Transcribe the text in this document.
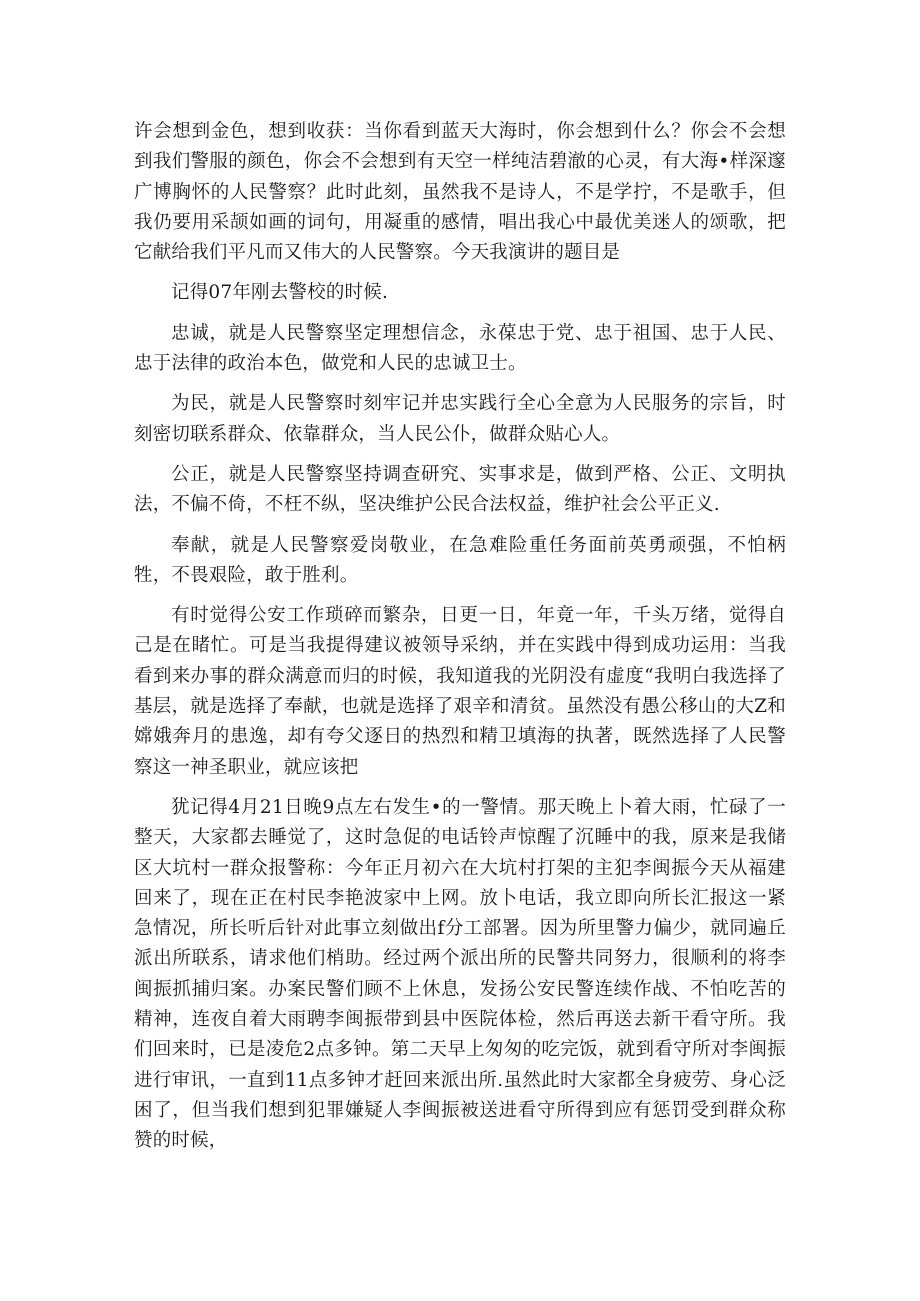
许会想到金色，想到收获：当你看到蓝天大海时，你会想到什么？你会不会想到我们警服的颜色，你会不会想到有天空一样纯洁碧澈的心灵，有大海•样深邃广博胸怀的人民警察？此时此刻，虽然我不是诗人，不是学拧，不是歌手，但我仍要用采颉如画的词句，用凝重的感情，唱出我心中最优美迷人的颂歌，把它献给我们平凡而又伟大的人民警察。今天我演讲的题目是

记得07年刚去警校的时候.

忠诚，就是人民警察坚定理想信念，永葆忠于党、忠于祖国、忠于人民、忠于法律的政治本色，做党和人民的忠诚卫士。

为民，就是人民警察时刻牢记并忠实践行全心全意为人民服务的宗旨，时刻密切联系群众、依靠群众，当人民公仆，做群众贴心人。

公正，就是人民警察坚持调查研究、实事求是，做到严格、公正、文明执法，不偏不倚，不枉不纵，坚决维护公民合法权益，维护社会公平正义.

奉献，就是人民警察爱岗敬业，在急难险重任务面前英勇顽强，不怕柄牲，不畏艰险，敢于胜利。

有时觉得公安工作琐碎而繁杂，日更一日，年竟一年，千头万绪，觉得自己是在睹忙。可是当我提得建议被领导采纳，并在实践中得到成功运用：当我看到来办事的群众满意而归的时候，我知道我的光阴没有虚度“我明白我选择了基层，就是选择了奉献，也就是选择了艰辛和清贫。虽然没有愚公移山的大Z和嫦娥奔月的患逸，却有夸父逐日的热烈和精卫填海的执著，既然选择了人民警察这一神圣职业，就应该把

犹记得4月21日晚9点左右发生•的一警情。那天晚上卜着大雨，忙碌了一整天，大家都去睡觉了，这时急促的电话铃声惊醒了沉睡中的我，原来是我储区大坑村一群众报警称：今年正月初六在大坑村打架的主犯李闽振今天从福建回来了，现在正在村民李艳波家中上网。放卜电话，我立即向所长汇报这一紧急情况，所长听后针对此事立刻做出f分工部署。因为所里警力偏少，就同遍丘派出所联系，请求他们梢助。经过两个派出所的民警共同努力，很顺利的将李闽振抓捕归案。办案民警们顾不上休息，发扬公安民警连续作战、不怕吃苦的精神，连夜自着大雨聘李闽振带到县中医院体检，然后再送去新干看守所。我们回来时，已是凌危2点多钟。第二天早上匆匆的吃完饭，就到看守所对李闽振进行审讯，一直到11点多钟才赶回来派出所.虽然此时大家都全身疲劳、身心泛困了，但当我们想到犯罪嫌疑人李闽振被送进看守所得到应有惩罚受到群众称赞的时候，
